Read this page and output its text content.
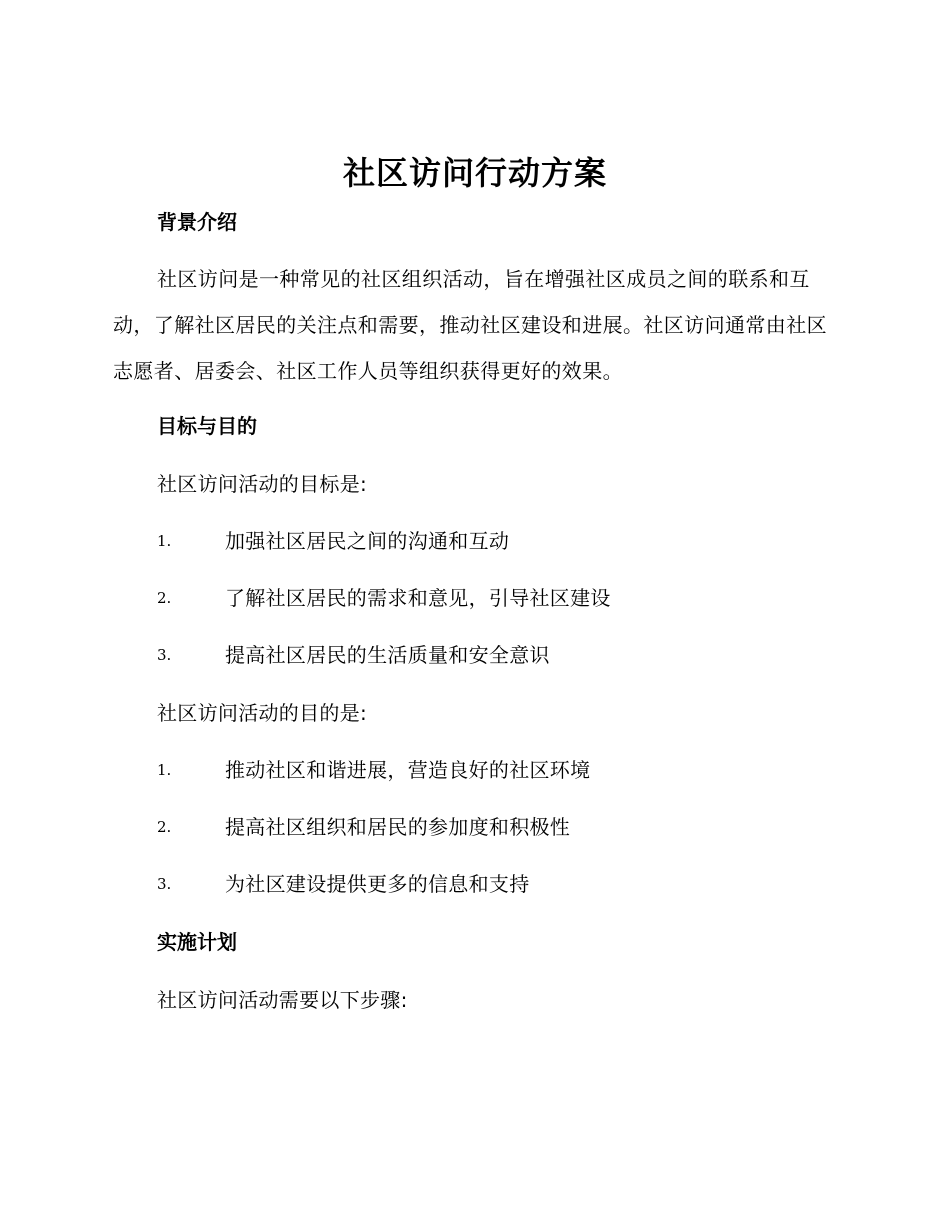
社区访问行动方案
背景介绍
社区访问是一种常见的社区组织活动，旨在增强社区成员之间的联系和互动，了解社区居民的关注点和需要，推动社区建设和进展。社区访问通常由社区志愿者、居委会、社区工作人员等组织获得更好的效果。
目标与目的
社区访问活动的目标是:
1.	加强社区居民之间的沟通和互动
2.	了解社区居民的需求和意见，引导社区建设
3.	提高社区居民的生活质量和安全意识
社区访问活动的目的是:
1.	推动社区和谐进展，营造良好的社区环境
2.	提高社区组织和居民的参加度和积极性
3.	为社区建设提供更多的信息和支持
实施计划
社区访问活动需要以下步骤:
